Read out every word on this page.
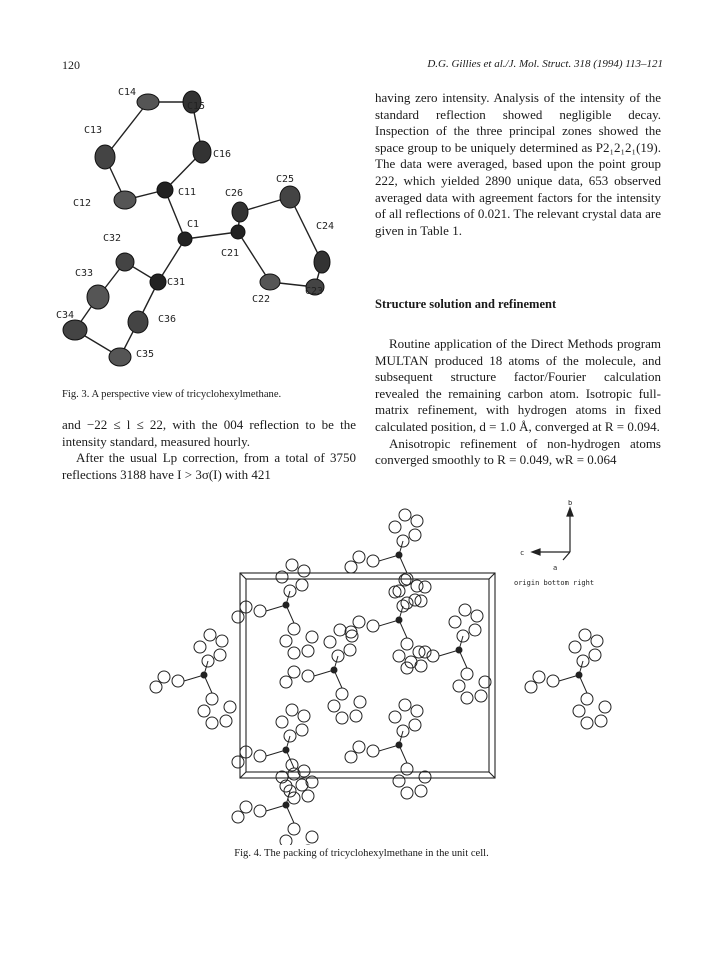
120	D.G. Gillies et al./J. Mol. Struct. 318 (1994) 113–121
C14
C15
C13
C16
C12
C11	C26
C25
C1	C24
C32
C21
C33
C31
C22
C23
C34	C36
C35
Fig. 3. A perspective view of tricyclohexylmethane.

and −22 ≤ l ≤ 22, with the 004 reflection to be the intensity standard, measured hourly.

After the usual Lp correction, from a total of 3750 reflections 3188 have I > 3σ(I) with 421

having zero intensity. Analysis of the intensity of the standard reflection showed negligible decay. Inspection of the three principal zones showed the space group to be uniquely determined as P2₁2₁2₁(19). The data were averaged, based upon the point group 222, which yielded 2890 unique data, 653 observed averaged data with agreement factors for the intensity of all reflections of 0.021. The relevant crystal data are given in Table 1.

Structure solution and refinement

Routine application of the Direct Methods program MULTAN produced 18 atoms of the molecule, and subsequent structure factor/Fourier calculation revealed the remaining carbon atom. Isotropic full-matrix refinement, with hydrogen atoms in fixed calculated position, d = 1.0 Å, converged at R = 0.094.

Anisotropic refinement of non-hydrogen atoms converged smoothly to R = 0.049, wR = 0.064

b
c
a
origin bottom right
Fig. 4. The packing of tricyclohexylmethane in the unit cell.
